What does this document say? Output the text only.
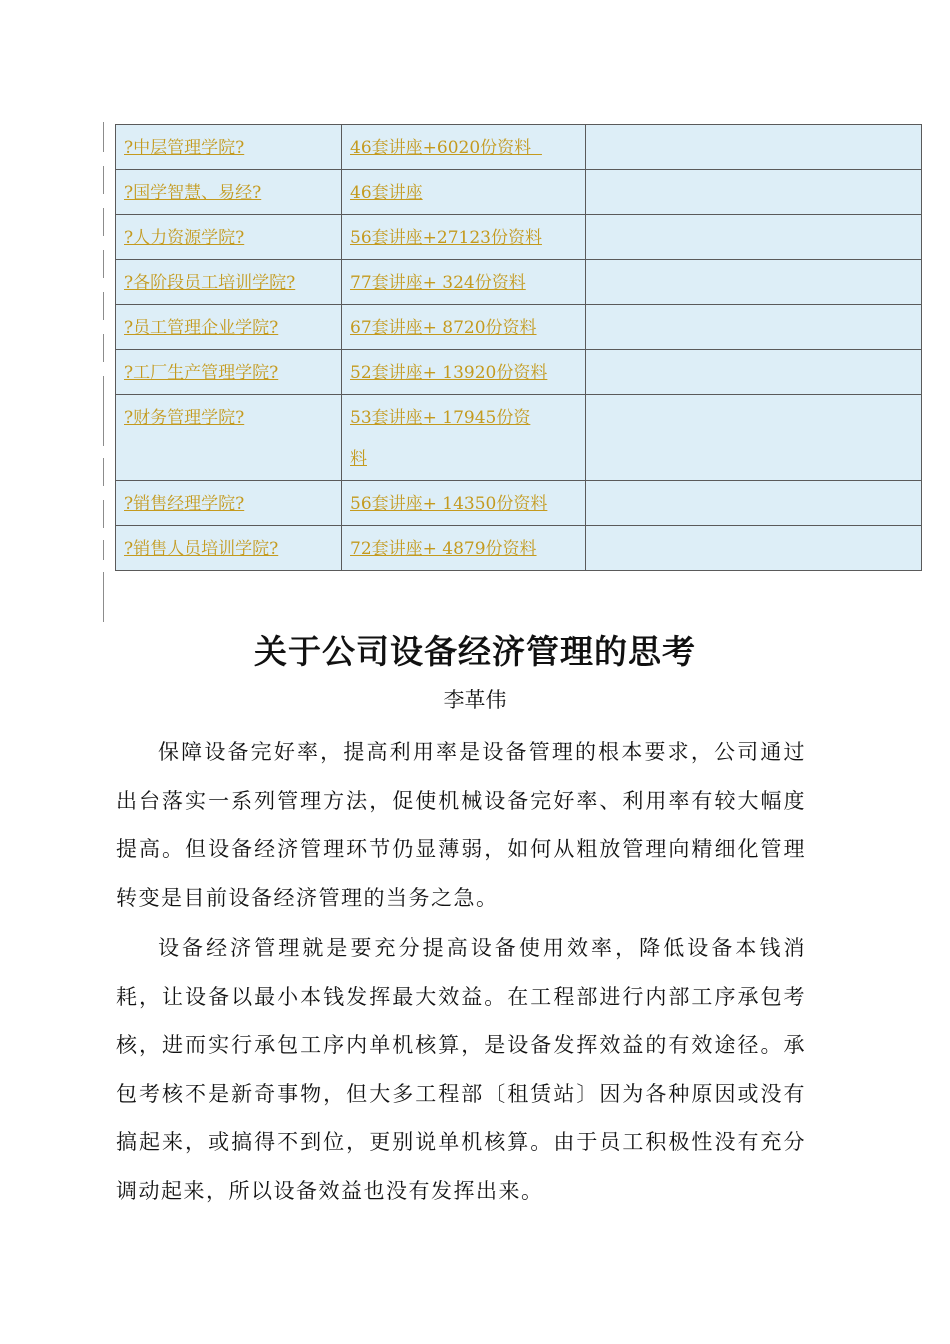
?中层管理学院?	46套讲座+6020份资料	
?国学智慧、易经?	46套讲座	
?人力资源学院?	56套讲座+27123份资料	
?各阶段员工培训学院?	77套讲座+ 324份资料	
?员工管理企业学院?	67套讲座+ 8720份资料	
?工厂生产管理学院?	52套讲座+ 13920份资料	
?财务管理学院?	53套讲座+ 17945份资料	
?销售经理学院?	56套讲座+ 14350份资料	
?销售人员培训学院?	72套讲座+ 4879份资料	
关于公司设备经济管理的思考
李革伟

保障设备完好率，提高利用率是设备管理的根本要求，公司通过出台落实一系列管理方法，促使机械设备完好率、利用率有较大幅度提高。但设备经济管理环节仍显薄弱，如何从粗放管理向精细化管理转变是目前设备经济管理的当务之急。

设备经济管理就是要充分提高设备使用效率，降低设备本钱消耗，让设备以最小本钱发挥最大效益。在工程部进行内部工序承包考核，进而实行承包工序内单机核算，是设备发挥效益的有效途径。承包考核不是新奇事物，但大多工程部〔租赁站〕因为各种原因或没有搞起来，或搞得不到位，更别说单机核算。由于员工积极性没有充分调动起来，所以设备效益也没有发挥出来。
